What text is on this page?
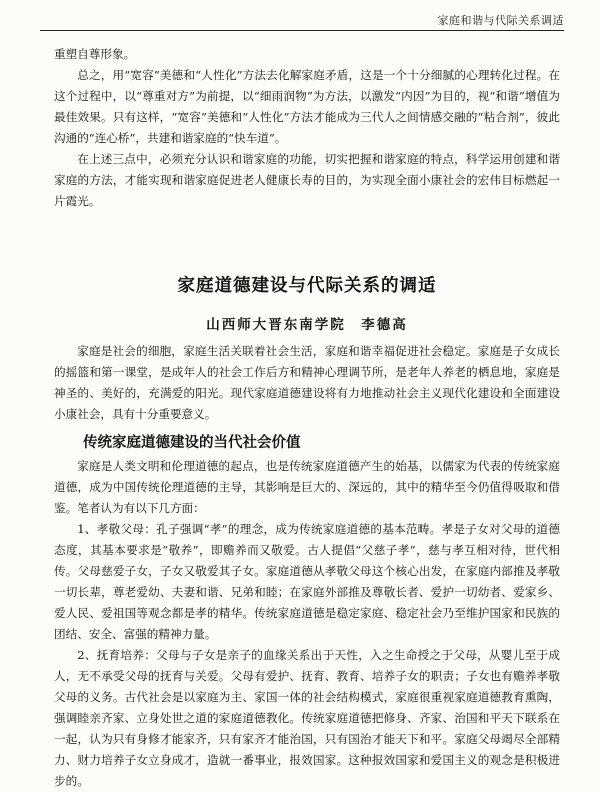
家庭和谐与代际关系调适

重塑自尊形象。

总之，用“宽容”美德和“人性化”方法去化解家庭矛盾，这是一个十分细腻的心理转化过程。在这个过程中，以“尊重对方”为前提，以“细雨润物”为方法，以激发“内因”为目的，视“和谐”增值为最佳效果。只有这样，“宽容”美德和“人性化”方法才能成为三代人之间情感交融的“粘合剂”，彼此沟通的“连心桥”，共建和谐家庭的“快车道”。

在上述三点中，必须充分认识和谐家庭的功能，切实把握和谐家庭的特点，科学运用创建和谐家庭的方法，才能实现和谐家庭促进老人健康长寿的目的，为实现全面小康社会的宏伟目标燃起一片霞光。

家庭道德建设与代际关系的调适
山西师大晋东南学院　李德高

家庭是社会的细胞，家庭生活关联着社会生活，家庭和谐幸福促进社会稳定。家庭是子女成长的摇篮和第一课堂，是成年人的社会工作后方和精神心理调节所，是老年人养老的栖息地，家庭是神圣的、美好的，充满爱的阳光。现代家庭道德建设将有力地推动社会主义现代化建设和全面建设小康社会，具有十分重要意义。

传统家庭道德建设的当代社会价值

家庭是人类文明和伦理道德的起点，也是传统家庭道德产生的始基，以儒家为代表的传统家庭道德，成为中国传统伦理道德的主导，其影响是巨大的、深远的，其中的精华至今仍值得吸取和借鉴。笔者认为有以下几方面：

1、孝敬父母：孔子强调“孝”的理念，成为传统家庭道德的基本范畴。孝是子女对父母的道德态度，其基本要求是“敬养”，即赡养而又敬爱。古人提倡“父慈子孝”，慈与孝互相对待，世代相传。父母慈爱子女，子女又敬爱其子女。家庭道德从孝敬父母这个核心出发，在家庭内部推及孝敬一切长辈，尊老爱幼、夫妻和谐、兄弟和睦；在家庭外部推及尊敬长者、爱护一切幼者、爱家乡、爱人民、爱祖国等观念都是孝的精华。传统家庭道德是稳定家庭、稳定社会乃至维护国家和民族的团结、安全、富强的精神力量。

2、抚育培养：父母与子女是亲子的血缘关系出于天性，入之生命授之于父母，从婴儿至于成人，无不承受父母的抚育与关爱。父母有爱护、抚育、教育、培养子女的职责；子女也有赡养孝敬父母的义务。古代社会是以家庭为主、家国一体的社会结构模式，家庭很重视家庭道德教育熏陶，强调睦亲齐家、立身处世之道的家庭道德教化。传统家庭道德把修身、齐家、治国和平天下联系在一起，认为只有身修才能家齐，只有家齐才能治国，只有国治才能天下和平。家庭父母竭尽全部精力、财力培养子女立身成才，造就一番事业，报效国家。这种报效国家和爱国主义的观念是积极进步的。
